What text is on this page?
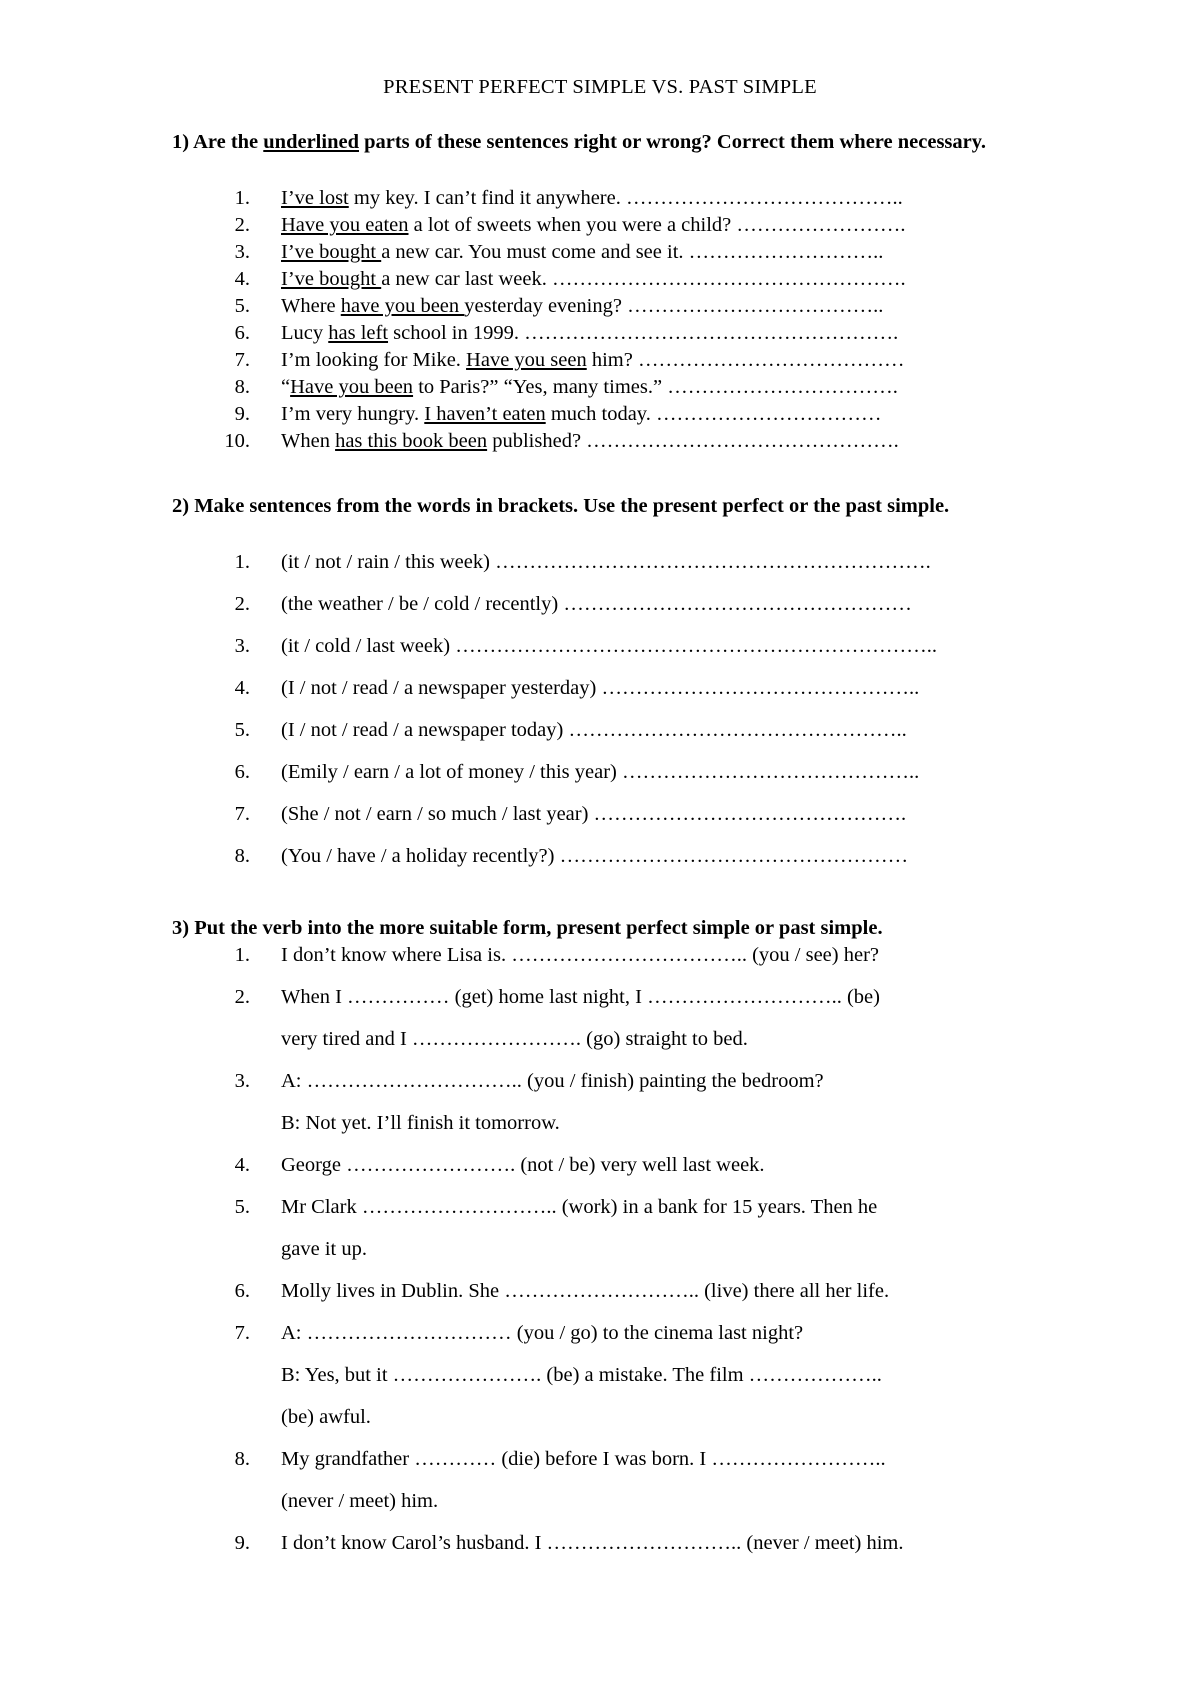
PRESENT PERFECT SIMPLE VS. PAST SIMPLE
1) Are the underlined parts of these sentences right or wrong? Correct them where necessary.
1. I’ve lost my key. I can’t find it anywhere. …………………………………..
2. Have you eaten a lot of sweets when you were a child? …………………….
3. I’ve bought a new car. You must come and see it. ………………………..
4. I’ve bought a new car last week. …………………………………………….
5. Where have you been yesterday evening? ………………………………..
6. Lucy has left school in 1999. ……………………………………………….
7. I’m looking for Mike. Have you seen him? …………………………………
8. “Have you been to Paris?” “Yes, many times.” …………………………….
9. I’m very hungry. I haven’t eaten much today. ……………………………
10. When has this book been published? ……………………………………….
2) Make sentences from the words in brackets. Use the present perfect or the past simple.
1. (it / not / rain / this week) ……………………………………………………….
2. (the weather / be / cold / recently) ……………………………………………
3. (it / cold / last week) ……………………………………………………………..
4. (I / not / read / a newspaper yesterday) ………………………………………..
5. (I / not / read / a newspaper today) …………………………………………..
6. (Emily / earn / a lot of money / this year) ……………………………………..
7. (She / not / earn / so much / last year) ……………………………………….
8. (You / have / a holiday recently?) ……………………………………………
3) Put the verb into the more suitable form, present perfect simple or past simple.
1. I don’t know where Lisa is. …………………………….. (you / see) her?
2. When I …………… (get) home last night, I ……………………….. (be)
very tired and I ……………………. (go) straight to bed.
3. A: ………………………….. (you / finish) painting the bedroom?
B: Not yet. I’ll finish it tomorrow.
4. George ……………………. (not / be) very well last week.
5. Mr Clark ……………………….. (work) in a bank for 15 years. Then he
gave it up.
6. Molly lives in Dublin. She ……………………….. (live) there all her life.
7. A: ………………………… (you / go) to the cinema last night?
B: Yes, but it …………………. (be) a mistake. The film ………………..
(be) awful.
8. My grandfather ………… (die) before I was born. I ……………………..
(never / meet) him.
9. I don’t know Carol’s husband. I ……………………….. (never / meet) him.
